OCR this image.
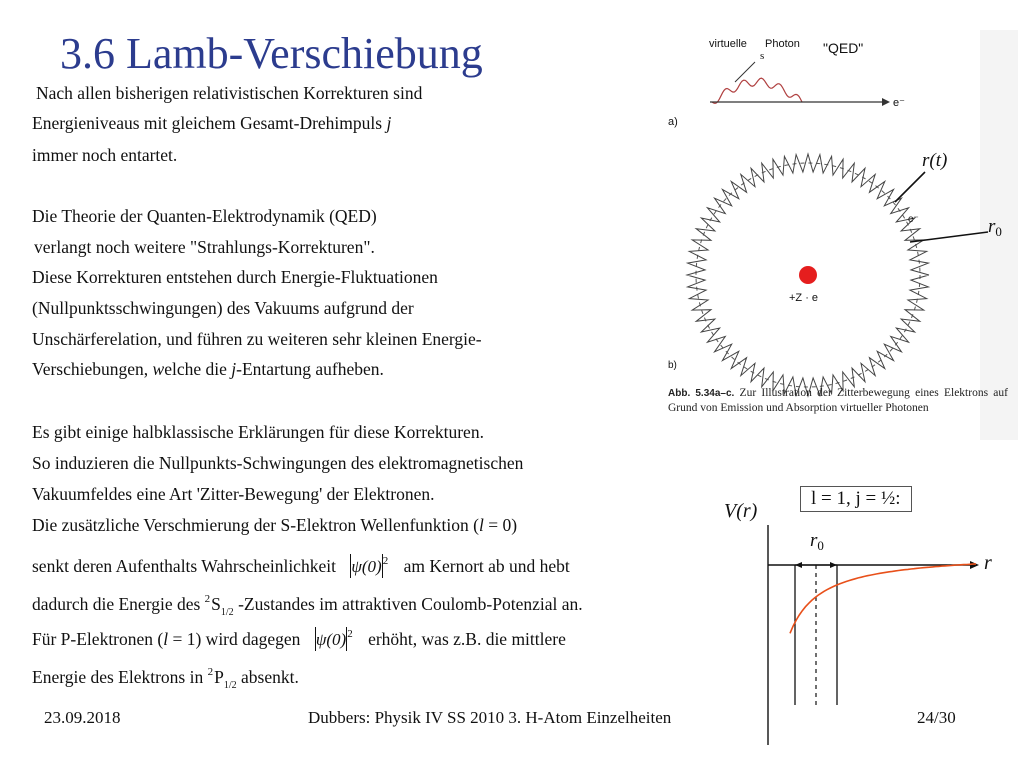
3.6 Lamb-Verschiebung
Nach allen bisherigen relativistischen Korrekturen sind
Energieniveaus mit gleichem Gesamt-Drehimpuls j
immer noch entartet.
Die Theorie der Quanten-Elektrodynamik (QED)
verlangt noch weitere "Strahlungs-Korrekturen".
Diese Korrekturen entstehen durch Energie-Fluktuationen
(Nullpunktsschwingungen) des Vakuums aufgrund der
Unschärferelation, und führen zu weiteren sehr kleinen Energie-
Verschiebungen, welche die j-Entartung aufheben.
Es gibt einige halbklassische Erklärungen für diese Korrekturen.
So induzieren die Nullpunkts-Schwingungen des elektromagnetischen
Vakuumfeldes eine Art 'Zitter-Bewegung' der Elektronen.
Die zusätzliche Verschmierung der S-Elektron Wellenfunktion (l = 0)
senkt deren Aufenthalts Wahrscheinlichkeit $\psi(0)^2$ am Kernort ab und hebt
dadurch die Energie des $^2S_{1/2}$ -Zustandes im attraktiven Coulomb-Potenzial an.
Für P-Elektronen (l = 1) wird dagegen $\psi(0)^2$ erhöht, was z.B. die mittlere
Energie des Elektrons in $^2P_{1/2}$ absenkt.
virtuelle Photon
s	"QED"
e⁻
a)
r(t)
e⁻	$r_0$
+Z · e
b)
Abb. 5.34a–c. Zur Illustration der Zitterbewegung eines Elektrons auf Grund von Emission und Absorption virtueller Photonen
l = 1, j = ½:
V(r)
$r_0$
r
23.09.2018	Dubbers: Physik IV SS 2010 3. H-Atom Einzelheiten	24/30
